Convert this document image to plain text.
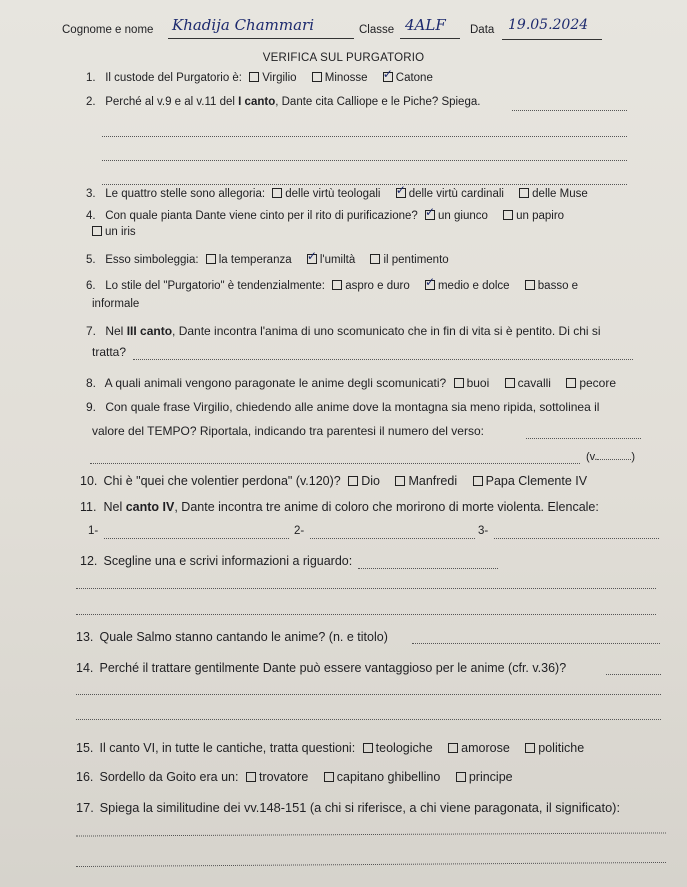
Cognome e nome Khadija Chammari	Classe 4ALF Data 19.05.2024
VERIFICA SUL PURGATORIO
1. Il custode del Purgatorio è: Virgilio Minosse ✓ Catone
2. Perché al v.9 e al v.11 del I canto, Dante cita Calliope e le Piche? Spiega.
3. Le quattro stelle sono allegoria: delle virtù teologali ✓ delle virtù cardinali delle Muse
4. Con quale pianta Dante viene cinto per il rito di purificazione? ✓ un giunco un papiro
un iris
5. Esso simboleggia: la temperanza ✓ l'umiltà il pentimento
6. Lo stile del "Purgatorio" è tendenzialmente: aspro e duro ✓ medio e dolce basso e
informale
7. Nel III canto, Dante incontra l'anima di uno scomunicato che in fin di vita si è pentito. Di chi si
tratta?
8. A quali animali vengono paragonate le anime degli scomunicati? buoi cavalli pecore
9. Con quale frase Virgilio, chiedendo alle anime dove la montagna sia meno ripida, sottolinea il
valore del TEMPO? Riportala, indicando tra parentesi il numero del verso:
(v.	)
10. Chi è "quei che volentier perdona" (v.120)? Dio Manfredi Papa Clemente IV
11. Nel canto IV, Dante incontra tre anime di coloro che morirono di morte violenta. Elencale:
1-	2-	3-
12. Scegline una e scrivi informazioni a riguardo:
13. Quale Salmo stanno cantando le anime? (n. e titolo)
14. Perché il trattare gentilmente Dante può essere vantaggioso per le anime (cfr. v.36)?
15. Il canto VI, in tutte le cantiche, tratta questioni: teologiche amorose politiche
16. Sordello da Goito era un: trovatore capitano ghibellino principe
17. Spiega la similitudine dei vv.148-151 (a chi si riferisce, a chi viene paragonata, il significato):
